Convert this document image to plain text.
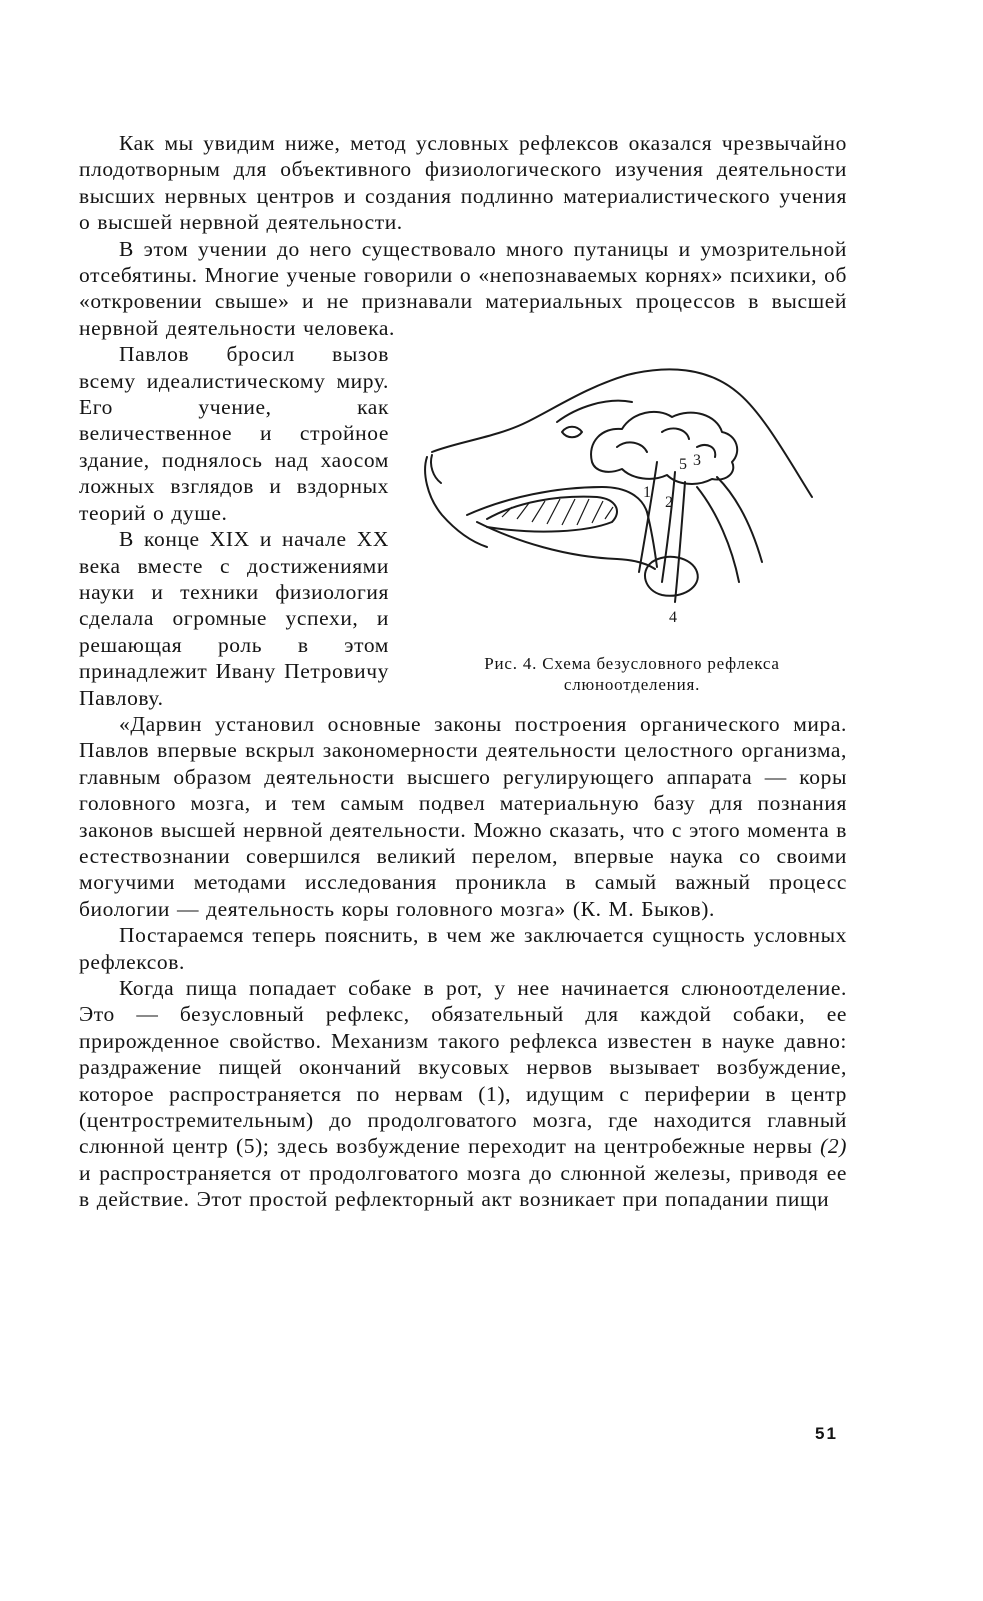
Как мы увидим ниже, метод условных рефлексов оказался чрезвычайно плодотворным для объективного физиологического изучения деятельности высших нервных центров и создания подлинно материалистического учения о высшей нервной деятельности.

В этом учении до него существовало много путаницы и умозрительной отсебятины. Многие ученые говорили о «непознаваемых корнях» психики, об «откровении свыше» и не признавали материальных процессов в высшей нервной деятельности человека.

1
2
3
4
5
Рис. 4. Схема безусловного рефлекса слюноотделения.

Павлов бросил вызов всему идеалистическому миру. Его учение, как величественное и стройное здание, поднялось над хаосом ложных взглядов и вздорных теорий о душе.

В конце XIX и начале XX века вместе с достижениями науки и техники физиология сделала огромные успехи, и решающая роль в этом принадлежит Ивану Петровичу Павлову.

«Дарвин установил основные законы построения органического мира. Павлов впервые вскрыл закономерности деятельности целостного организма, главным образом деятельности высшего регулирующего аппарата — коры головного мозга, и тем самым подвел материальную базу для познания законов высшей нервной деятельности. Можно сказать, что с этого момента в естествознании совершился великий перелом, впервые наука со своими могучими методами исследования проникла в самый важный процесс биологии — деятельность коры головного мозга» (К. М. Быков).

Постараемся теперь пояснить, в чем же заключается сущность условных рефлексов.

Когда пища попадает собаке в рот, у нее начинается слюноотделение. Это — безусловный рефлекс, обязательный для каждой собаки, ее прирожденное свойство. Механизм такого рефлекса известен в науке давно: раздражение пищей окончаний вкусовых нервов вызывает возбуждение, которое распространяется по нервам (1), идущим с периферии в центр (центростремительным) до продолговатого мозга, где находится главный слюнной центр (5); здесь возбуждение переходит на центробежные нервы (2) и распространяется от продолговатого мозга до слюнной железы, приводя ее в действие. Этот простой рефлекторный акт возникает при попадании пищи

51
